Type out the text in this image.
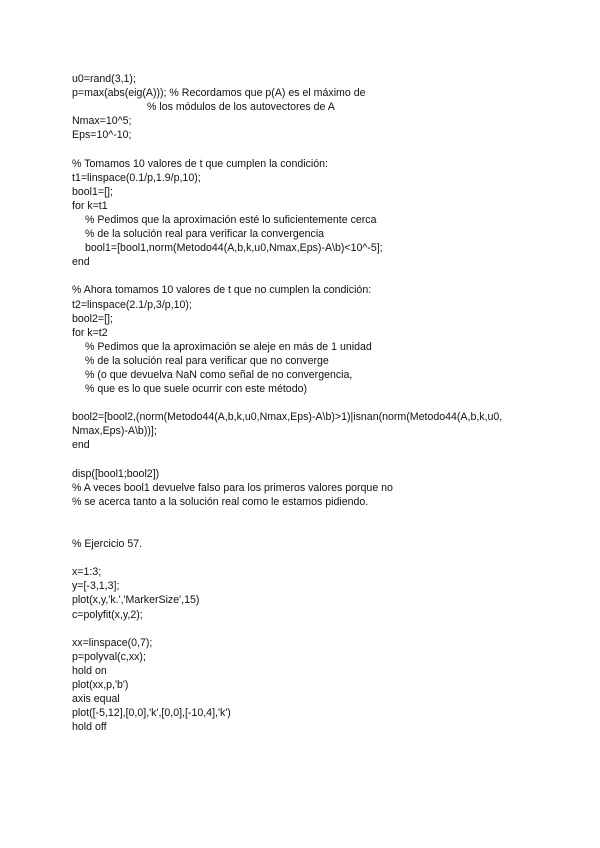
u0=rand(3,1);
p=max(abs(eig(A))); % Recordamos que p(A) es el máximo de
% los módulos de los autovectores de A
Nmax=10^5;
Eps=10^-10;
% Tomamos 10 valores de t que cumplen la condición:
t1=linspace(0.1/p,1.9/p,10);
bool1=[];
for k=t1
% Pedimos que la aproximación esté lo suficientemente cerca
% de la solución real para verificar la convergencia
bool1=[bool1,norm(Metodo44(A,b,k,u0,Nmax,Eps)-A\b)<10^-5];
end
% Ahora tomamos 10 valores de t que no cumplen la condición:
t2=linspace(2.1/p,3/p,10);
bool2=[];
for k=t2
% Pedimos que la aproximación se aleje en más de 1 unidad
% de la solución real para verificar que no converge
% (o que devuelva NaN como señal de no convergencia,
% que es lo que suele ocurrir con este método)
bool2=[bool2,(norm(Metodo44(A,b,k,u0,Nmax,Eps)-A\b)>1)|isnan(norm(Metodo44(A,b,k,u0, Nmax,Eps)-A\b))];
end
disp([bool1;bool2])
% A veces bool1 devuelve falso para los primeros valores porque no
% se acerca tanto a la solución real como le estamos pidiendo.
% Ejercicio 57.
x=1:3;
y=[-3,1,3];
plot(x,y,'k.','MarkerSize',15)
c=polyfit(x,y,2);
xx=linspace(0,7);
p=polyval(c,xx);
hold on
plot(xx,p,'b')
axis equal
plot([-5,12],[0,0],'k',[0,0],[-10,4],'k')
hold off
